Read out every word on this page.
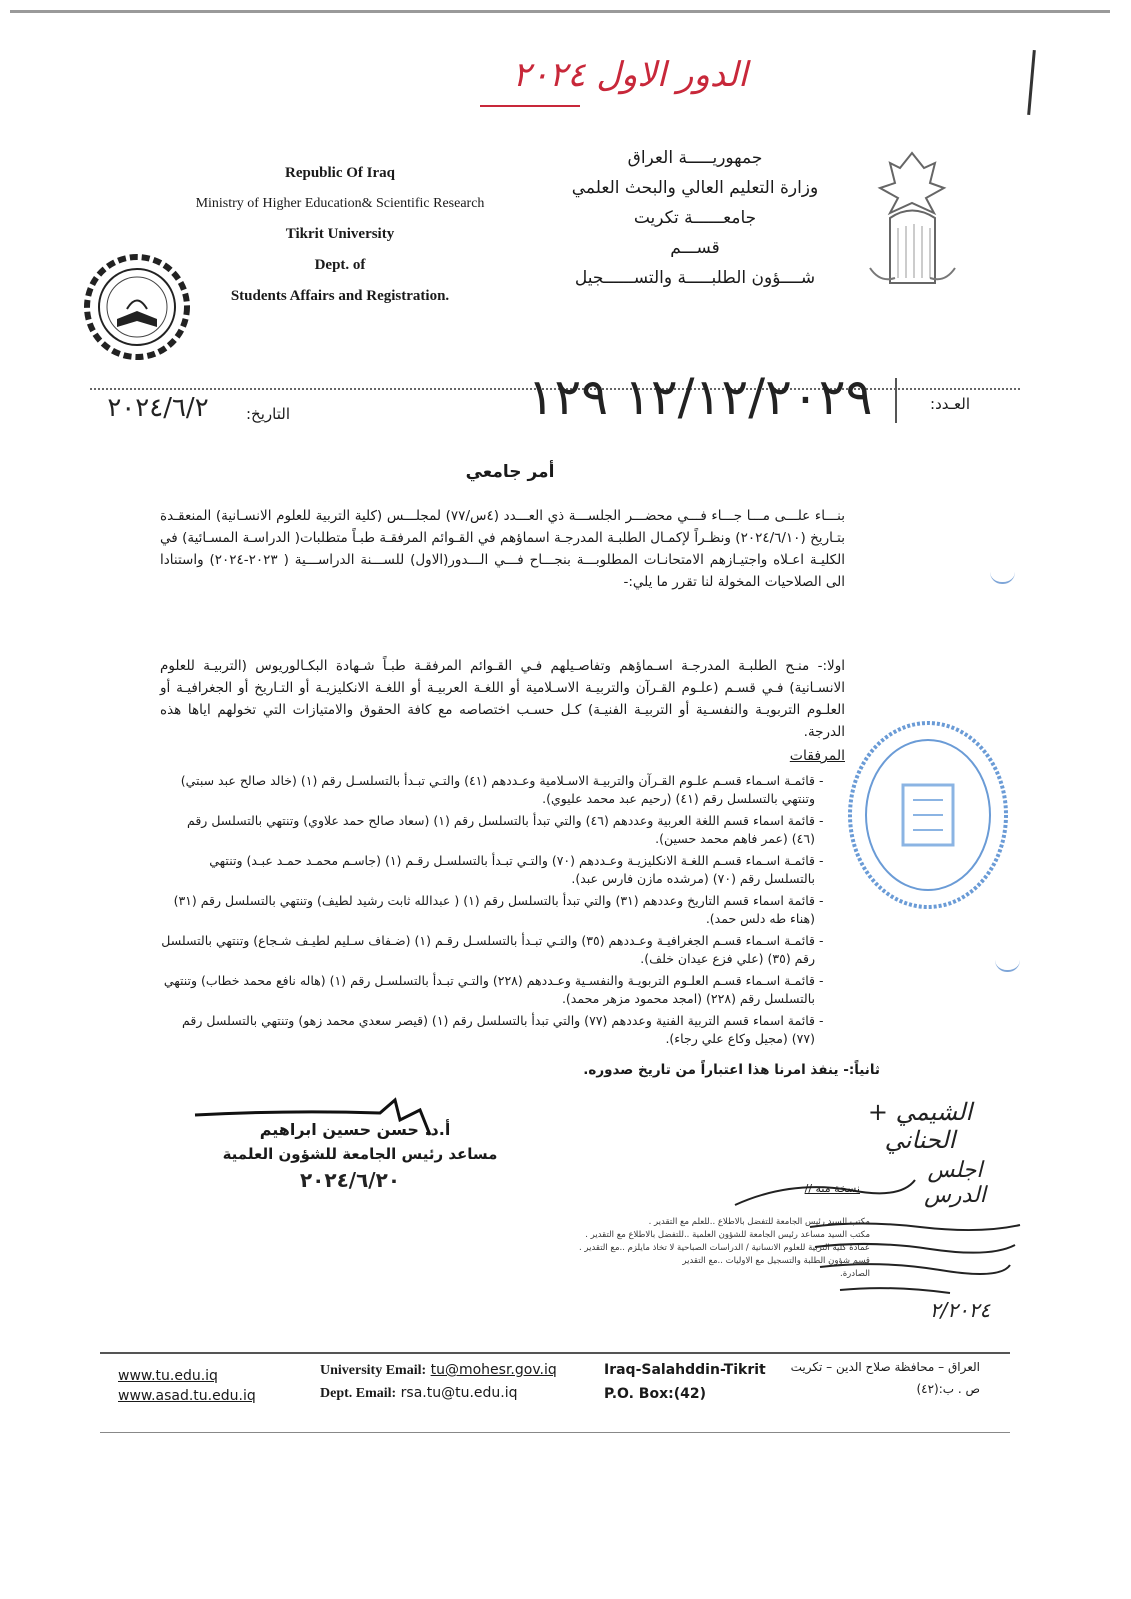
الدور الاول ٢٠٢٤
Republic Of Iraq
Ministry of Higher Education& Scientific Research
Tikrit University
Dept. of
Students Affairs and Registration.
جمهوريـــــة العراق
وزارة التعليم العالي والبحث العلمي
جامعــــــة تكريت
قســـم
شــــؤون الطلبـــــة والتســــــجيل
العـدد:
١٢/١٢/٢٠٢٩ ١٢٩
التاريخ:
٢٠٢٤/٦/٢
أمر جامعي
بنـــاء علـــى مـــا جـــاء فـــي محضـــر الجلســـة ذي العـــدد (٤س/٧٧) لمجلـــس (كلية التربية للعلوم الانسـانية) المنعقـدة بتـاريخ (٢٠٢٤/٦/١٠) ونظـراً لإكمـال الطلبـة المدرجـة اسماؤهم في القـوائم المرفقـة طبـاً متطلبات( الدراسـة المسـائية) في الكليـة اعـلاه واجتيـازهم الامتحانـات المطلوبـــة بنجـــاح فـــي الـــدور(الاول) للســـنة الدراســـية ( ٢٠٢٣-٢٠٢٤) واستنادا الى الصلاحيات المخولة لنا تقرر ما يلي:-
اولا:- منـح الطلبـة المدرجـة اسـماؤهم وتفاصـيلهم فـي القـوائم المرفقـة طبـاً شـهادة البكـالوريوس (التربيـة للعلوم الانسـانية) فـي قسـم (علـوم القـرآن والتربيـة الاسـلامية أو اللغـة العربيـة أو اللغـة الانكليزيـة أو التـاريخ أو الجغرافيـة أو العلـوم التربويـة والنفسـية أو التربيـة الفنيـة) كـل حسـب اختصاصه مع كافة الحقوق والامتيازات التي تخولهم اياها هذه الدرجة.
المرفقات
- قائمـة اسـماء قسـم علـوم القـرآن والتربيـة الاسـلامية وعـددهم (٤١) والتـي تبـدأ بالتسلسـل رقم (١) (خالد صالح عبد سبتي) وتنتهي بالتسلسل رقم (٤١) (رحيم عبد محمد عليوي).
- قائمة اسماء قسم اللغة العربية وعددهم (٤٦) والتي تبدأ بالتسلسل رقم (١) (سعاد صالح حمد علاوي) وتنتهي بالتسلسل رقم (٤٦) (عمر فاهم محمد حسين).
- قائمـة اسـماء قسـم اللغـة الانكليزيـة وعـددهم (٧٠) والتـي تبـدأ بالتسلسـل رقـم (١) (جاسـم محمـد حمـد عبـد) وتنتهي بالتسلسل رقم (٧٠) (مرشده مازن فارس عبد).
- قائمة اسماء قسم التاريخ وعددهم (٣١) والتي تبدأ بالتسلسل رقم (١) ( عبدالله ثابت رشيد لطيف) وتنتهي بالتسلسل رقم (٣١) (هناء طه دلس حمد).
- قائمـة اسـماء قسـم الجغرافيـة وعـددهم (٣٥) والتـي تبـدأ بالتسلسـل رقـم (١) (ضـفاف سـليم لطيـف شـجاع) وتنتهي بالتسلسل رقم (٣٥) (علي فزع عيدان خلف).
- قائمـة اسـماء قسـم العلـوم التربويـة والنفسـية وعـددهم (٢٢٨) والتـي تبـدأ بالتسلسـل رقم (١) (هاله نافع محمد خطاب) وتنتهي بالتسلسل رقم (٢٢٨) (امجد محمود مزهر محمد).
- قائمة اسماء قسم التربية الفنية وعددهم (٧٧) والتي تبدأ بالتسلسل رقم (١) (قيصر سعدي محمد زهو) وتنتهي بالتسلسل رقم (٧٧) (مجيل وكاع علي رجاء).
ثانياً:- ينفذ امرنا هذا اعتباراً من تاريخ صدوره.
أ.د. حسن حسين ابراهيم
مساعد رئيس الجامعة للشؤون العلمية
٢٠٢٤/٦/٢٠
الشيمي + الحناني
اجلس الدرس
نسخة منه //
مكتب السيد رئيس الجامعة للتفضل بالاطلاع ..للعلم مع التقدير .
مكتب السيد مساعد رئيس الجامعة للشؤون العلمية ..للتفضل بالاطلاع مع التقدير .
عمادة كلية التربية للعلوم الانسانية / الدراسات الصباحية لا تخاذ مايلزم ..مع التقدير .
قسم شؤون الطلبة والتسجيل مع الاوليات ..مع التقدير
الصادرة.
٢/٢٠٢٤
www.tu.edu.iq
www.asad.tu.edu.iq
University Email: tu@mohesr.gov.iq
Dept. Email: rsa.tu@tu.edu.iq
Iraq-Salahddin-Tikrit
P.O. Box:(42)
العراق – محافظة صلاح الدين – تكريت
ص . ب:(٤٢)
